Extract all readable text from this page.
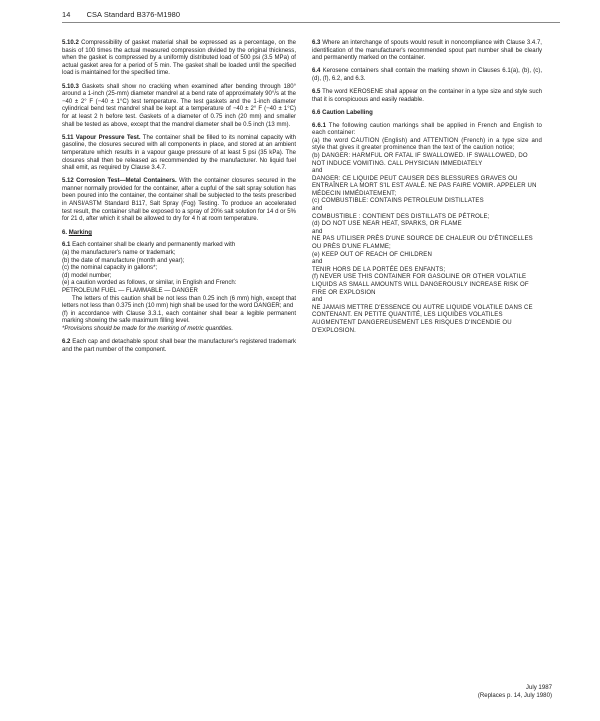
14 CSA Standard B376-M1980

5.10.2 Compressibility of gasket material shall be expressed as a percentage, on the basis of 100 times the actual measured compression divided by the original thickness, when the gasket is compressed by a uniformly distributed load of 500 psi (3.5 MPa) of actual gasket area for a period of 5 min. The gasket shall be loaded until the specified load is maintained for the specified time.

5.10.3 Gaskets shall show no cracking when examined after bending through 180° around a 1-inch (25-mm) diameter mandrel at a bend rate of approximately 90°/s at the −40 ± 2° F (−40 ± 1°C) test temperature. The test gaskets and the 1-inch diameter cylindrical bend test mandrel shall be kept at a temperature of −40 ± 2° F (−40 ± 1°C) for at least 2 h before test. Gaskets of a diameter of 0.75 inch (20 mm) and smaller shall be tested as above, except that the mandrel diameter shall be 0.5 inch (13 mm).

5.11 Vapour Pressure Test. The container shall be filled to its nominal capacity with gasoline, the closures secured with all components in place, and stored at an ambient temperature which results in a vapour gauge pressure of at least 5 psi (35 kPa). The closures shall then be released as recommended by the manufacturer. No liquid fuel shall emit, as required by Clause 3.4.7.

5.12 Corrosion Test—Metal Containers. With the container closures secured in the manner normally provided for the container, after a cupful of the salt spray solution has been poured into the container, the container shall be subjected to the tests prescribed in ANSI/ASTM Standard B117, Salt Spray (Fog) Testing. To produce an accelerated test result, the container shall be exposed to a spray of 20% salt solution for 14 d or 5% for 21 d, after which it shall be allowed to dry for 4 h at room temperature.

6. Marking

6.1 Each container shall be clearly and permanently marked with

(a) the manufacturer's name or trademark;
(b) the date of manufacture (month and year);
(c) the nominal capacity in gallons*;
(d) model number;
(e) a caution worded as follows, or similar, in English and French:
PETROLEUM FUEL — FLAMMABLE — DANGER
The letters of this caution shall be not less than 0.25 inch (6 mm) high, except that letters not less than 0.375 inch (10 mm) high shall be used for the word DANGER; and
(f) in accordance with Clause 3.3.1, each container shall bear a legible permanent marking showing the safe maximum filling level.
*Provisions should be made for the marking of metric quantities.

6.2 Each cap and detachable spout shall bear the manufacturer's registered trademark and the part number of the component.

6.3 Where an interchange of spouts would result in noncompliance with Clause 3.4.7, identification of the manufacturer's recommended spout part number shall be clearly and permanently marked on the container.

6.4 Kerosene containers shall contain the marking shown in Clauses 6.1(a), (b), (c), (d), (f), 6.2, and 6.3.

6.5 The word KEROSENE shall appear on the container in a type size and style such that it is conspicuous and easily readable.

6.6 Caution Labelling
6.6.1 The following caution markings shall be applied in French and English to each container:
(a) the word CAUTION (English) and ATTENTION (French) in a type size and style that gives it greater prominence than the text of the caution notice;
(b) DANGER: HARMFUL OR FATAL IF SWALLOWED. IF SWALLOWED, DO NOT INDUCE VOMITING. CALL PHYSICIAN IMMEDIATELY
and
DANGER: CE LIQUIDE PEUT CAUSER DES BLESSURES GRAVES OU ENTRAÎNER LA MORT S'IL EST AVALÉ. NE PAS FAIRE VOMIR. APPELER UN MÉDECIN IMMÉDIATEMENT;
(c) COMBUSTIBLE: CONTAINS PETROLEUM DISTILLATES
and
COMBUSTIBLE : CONTIENT DES DISTILLATS DE PÉTROLE;
(d) DO NOT USE NEAR HEAT, SPARKS, OR FLAME
and
NE PAS UTILISER PRÈS D'UNE SOURCE DE CHALEUR OU D'ÉTINCELLES OU PRÈS D'UNE FLAMME;
(e) KEEP OUT OF REACH OF CHILDREN
and
TENIR HORS DE LA PORTÉE DES ENFANTS;
(f) NEVER USE THIS CONTAINER FOR GASOLINE OR OTHER VOLATILE LIQUIDS AS SMALL AMOUNTS WILL DANGEROUSLY INCREASE RISK OF FIRE OR EXPLOSION
and
NE JAMAIS METTRE D'ESSENCE OU AUTRE LIQUIDE VOLATILE DANS CE CONTENANT. EN PETITE QUANTITÉ, LES LIQUIDES VOLATILES AUGMENTENT DANGEREUSEMENT LES RISQUES D'INCENDIE OU D'EXPLOSION.
July 1987
(Replaces p. 14, July 1980)
